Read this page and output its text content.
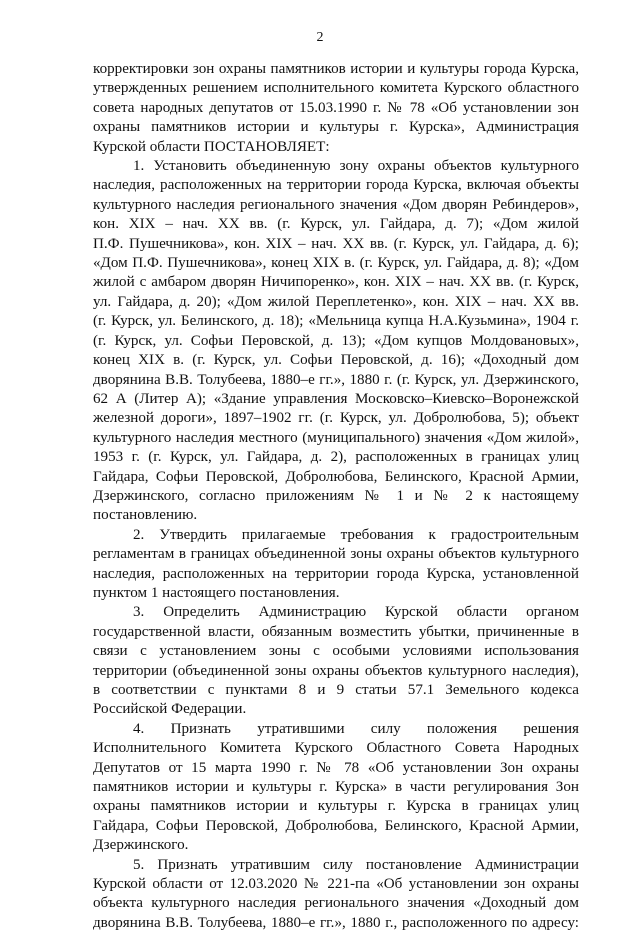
2
корректировки зон охраны памятников истории и культуры города Курска,
утвержденных решением исполнительного комитета Курского областного
совета народных депутатов от 15.03.1990 г. № 78 «Об установлении зон
охраны памятников истории и культуры г. Курска», Администрация
Курской области ПОСТАНОВЛЯЕТ:
1. Установить объединенную зону охраны объектов культурного
наследия, расположенных на территории города Курска, включая объекты
культурного наследия регионального значения «Дом дворян Ребиндеров»,
кон. XIX – нач. XX вв. (г. Курск, ул. Гайдара, д. 7); «Дом жилой
П.Ф. Пушечникова», кон. XIX – нач. XX вв. (г. Курск, ул. Гайдара, д. 6);
«Дом П.Ф. Пушечникова», конец XIX в. (г. Курск, ул. Гайдара, д. 8); «Дом
жилой с амбаром дворян Ничипоренко», кон. XIX – нач. XX вв. (г. Курск,
ул. Гайдара, д. 20); «Дом жилой Переплетенко», кон. XIX – нач. XX вв.
(г. Курск, ул. Белинского, д. 18); «Мельница купца Н.А.Кузьмина», 1904 г.
(г. Курск, ул. Софьи Перовской, д. 13); «Дом купцов Молдовановых»,
конец XIX в. (г. Курск, ул. Софьи Перовской, д. 16); «Доходный дом
дворянина В.В. Толубеева, 1880–е гг.», 1880 г. (г. Курск, ул. Дзержинского,
62 А (Литер А); «Здание управления Московско–Киевско–Воронежской
железной дороги», 1897–1902 гг. (г. Курск, ул. Добролюбова, 5); объект
культурного наследия местного (муниципального) значения «Дом жилой»,
1953 г. (г. Курск, ул. Гайдара, д. 2), расположенных в границах улиц
Гайдара, Софьи Перовской, Добролюбова, Белинского, Красной Армии,
Дзержинского, согласно приложениям № 1 и № 2 к настоящему
постановлению.
2. Утвердить прилагаемые требования к градостроительным
регламентам в границах объединенной зоны охраны объектов культурного
наследия, расположенных на территории города Курска, установленной
пунктом 1 настоящего постановления.
3. Определить Администрацию Курской области органом
государственной власти, обязанным возместить убытки, причиненные в
связи с установлением зоны с особыми условиями использования
территории (объединенной зоны охраны объектов культурного наследия),
в соответствии с пунктами 8 и 9 статьи 57.1 Земельного кодекса
Российской Федерации.
4. Признать утратившими силу положения решения
Исполнительного Комитета Курского Областного Совета Народных
Депутатов от 15 марта 1990 г. № 78 «Об установлении Зон охраны
памятников истории и культуры г. Курска» в части регулирования Зон
охраны памятников истории и культуры г. Курска в границах улиц
Гайдара, Софьи Перовской, Добролюбова, Белинского, Красной Армии,
Дзержинского.
5. Признать утратившим силу постановление Администрации
Курской области от 12.03.2020 № 221-па «Об установлении зон охраны
объекта культурного наследия регионального значения «Доходный дом
дворянина В.В. Толубеева, 1880–е гг.», 1880 г., расположенного по адресу:
